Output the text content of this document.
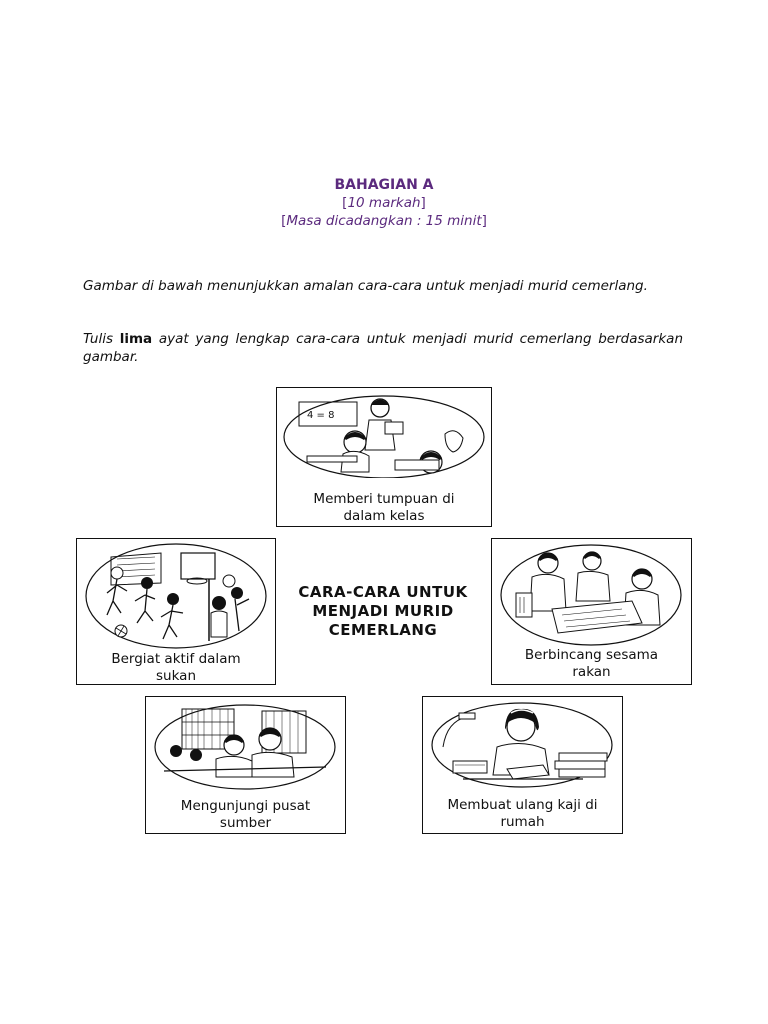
BAHAGIAN A
[10 markah]
[Masa dicadangkan : 15 minit]
Gambar di bawah menunjukkan amalan cara-cara untuk menjadi murid cemerlang.
Tulis lima ayat yang lengkap cara-cara untuk menjadi murid cemerlang berdasarkan gambar.
4 = 8
Memberi tumpuan di
dalam kelas
Bergiat aktif dalam
sukan
CARA-CARA UNTUK
MENJADI MURID
CEMERLANG
Berbincang sesama
rakan
Mengunjungi pusat
sumber
Membuat ulang kaji di
rumah
